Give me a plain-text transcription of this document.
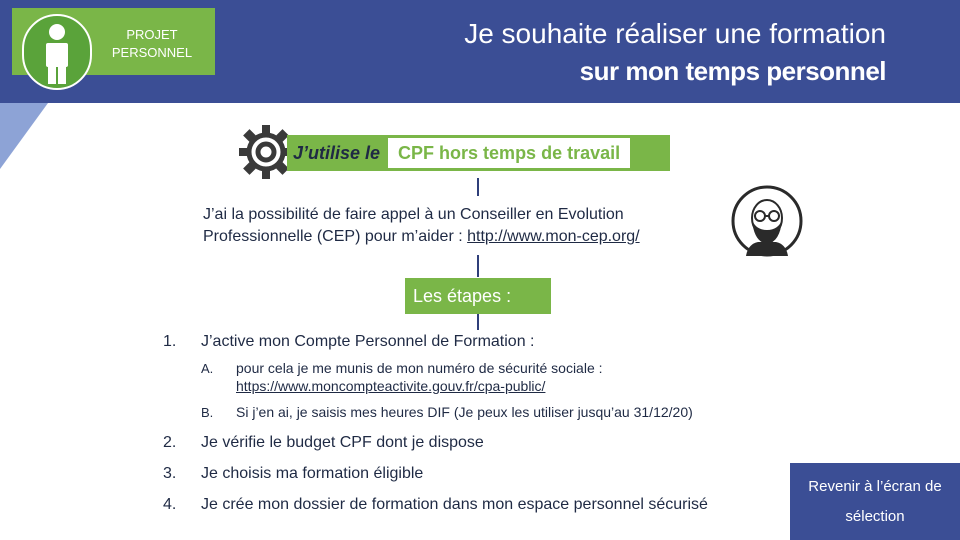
PROJET
PERSONNEL
Je souhaite réaliser une formation
sur mon temps personnel
J’utilise le	CPF hors temps de travail
J’ai la possibilité de faire appel à un Conseiller en Evolution
Professionnelle (CEP) pour m’aider : http://www.mon-cep.org/
Les étapes :
1. J’active mon Compte Personnel de Formation :
A. pour cela je me munis de mon numéro de sécurité sociale :
https://www.moncompteactivite.gouv.fr/cpa-public/
B. Si j’en ai, je saisis mes heures DIF (Je peux les utiliser jusqu’au 31/12/20)
2. Je vérifie le budget CPF dont je dispose
3. Je choisis ma formation éligible
4. Je crée mon dossier de formation dans mon espace personnel sécurisé
Revenir à l’écran de
sélection
